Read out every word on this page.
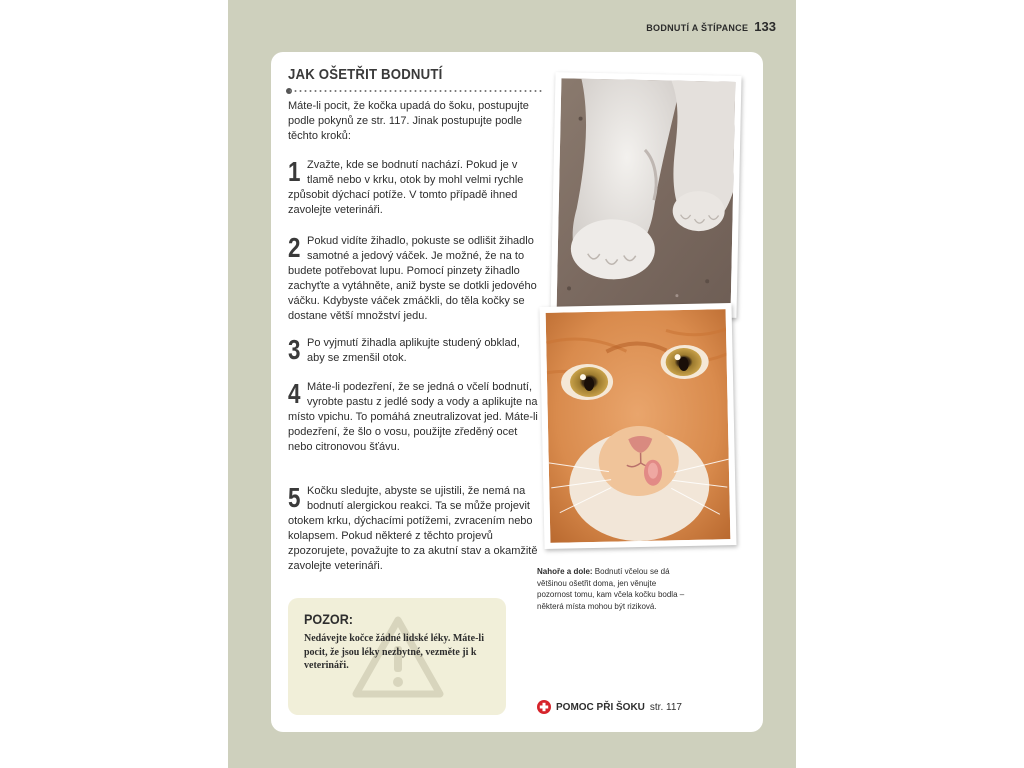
BODNUTÍ A ŠTÍPANCE 133
JAK OŠETŘIT BODNUTÍ

Máte-li pocit, že kočka upadá do šoku, postupujte podle pokynů ze str. 117. Jinak postupujte podle těchto kroků:

1 Zvažte, kde se bodnutí nachází. Pokud je v tlamě nebo v krku, otok by mohl velmi rychle způsobit dýchací potíže. V tomto případě ihned zavolejte veterináři.

2 Pokud vidíte žihadlo, pokuste se odlišit žihadlo samotné a jedový váček. Je možné, že na to budete potřebovat lupu. Pomocí pinzety žihadlo zachyťte a vytáhněte, aniž byste se dotkli jedového váčku. Kdybyste váček zmáčkli, do těla kočky se dostane větší množství jedu.

3 Po vyjmutí žihadla aplikujte studený obklad, aby se zmenšil otok.

4 Máte-li podezření, že se jedná o včelí bodnutí, vyrobte pastu z jedlé sody a vody a aplikujte na místo vpichu. To pomáhá zneutralizovat jed. Máte-li podezření, že šlo o vosu, použijte zředěný ocet nebo citronovou šťávu.

5 Kočku sledujte, abyste se ujistili, že nemá na bodnutí alergickou reakci. Ta se může projevit otokem krku, dýchacími potížemi, zvracením nebo kolapsem. Pokud některé z těchto projevů zpozorujete, považujte to za akutní stav a okamžitě zavolejte veterináři.

POZOR:

Nedávejte kočce žádné lidské léky. Máte-li pocit, že jsou léky nezbytné, vezměte ji k veterináři.

Nahoře a dole: Bodnutí včelou se dá většinou ošetřit doma, jen věnujte pozornost tomu, kam včela kočku bodla – některá místa mohou být riziková.

POMOC PŘI ŠOKU str. 117
